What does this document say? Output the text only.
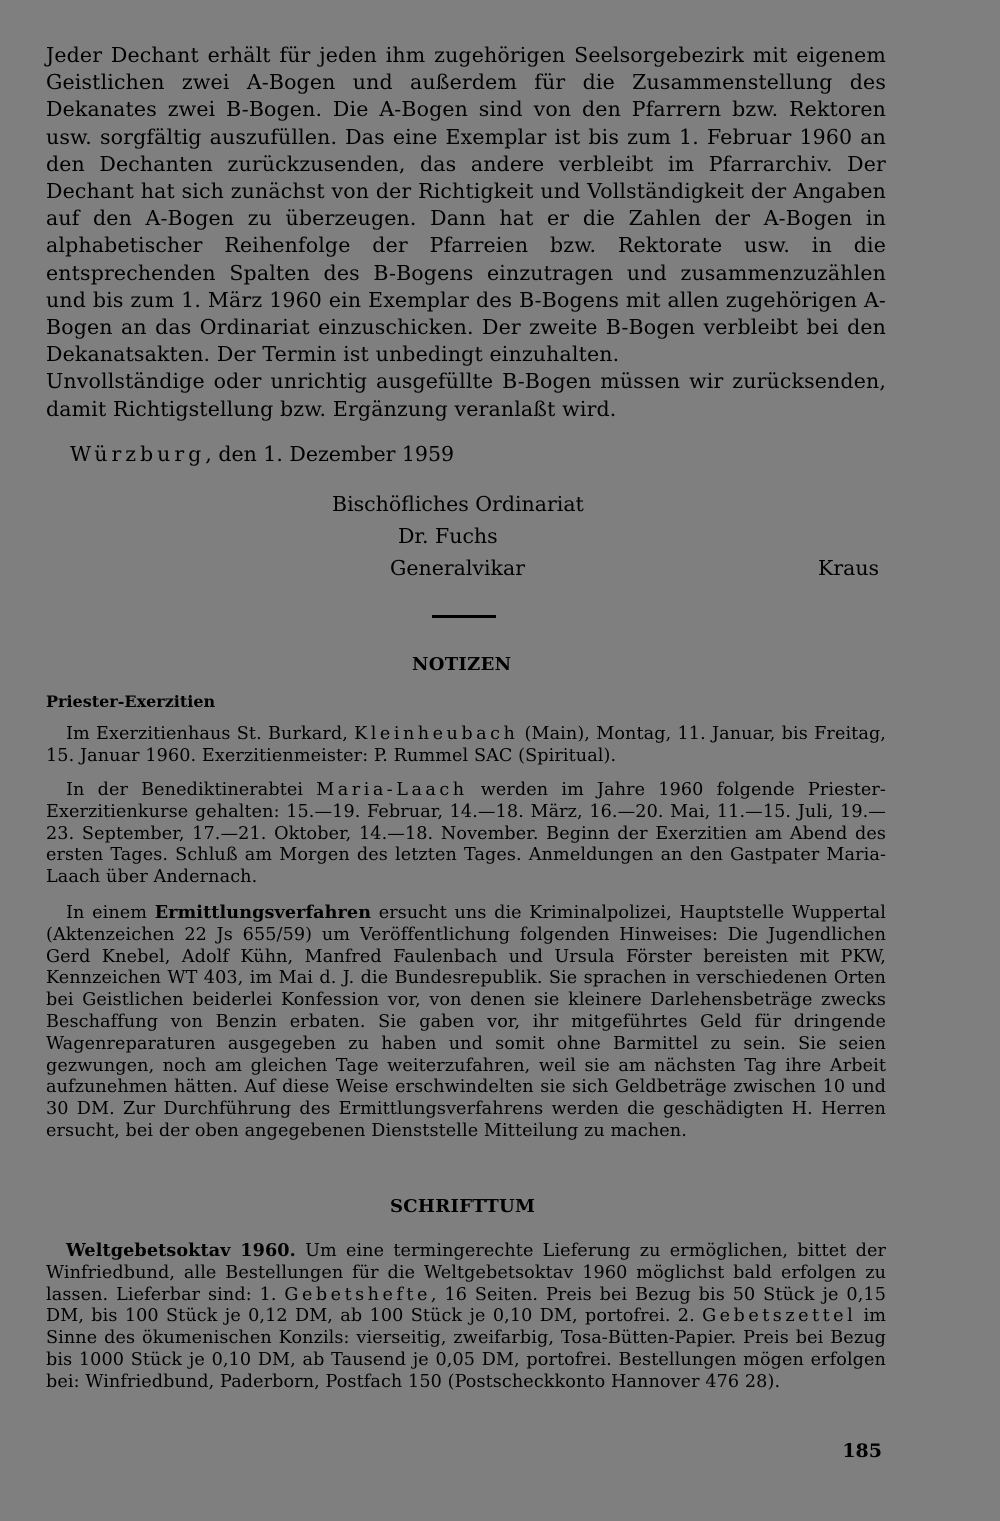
Jeder Dechant erhält für jeden ihm zugehörigen Seelsorgebezirk mit eigenem Geistlichen zwei A-Bogen und außerdem für die Zusammenstellung des Dekanates zwei B-Bogen. Die A-Bogen sind von den Pfarrern bzw. Rektoren usw. sorgfältig auszufüllen. Das eine Exemplar ist bis zum 1. Februar 1960 an den Dechanten zurückzusenden, das andere verbleibt im Pfarrarchiv. Der Dechant hat sich zunächst von der Richtigkeit und Vollständigkeit der Angaben auf den A-Bogen zu überzeugen. Dann hat er die Zahlen der A-Bogen in alphabetischer Reihenfolge der Pfarreien bzw. Rektorate usw. in die entsprechenden Spalten des B-Bogens einzutragen und zusammenzuzählen und bis zum 1. März 1960 ein Exemplar des B-Bogens mit allen zugehörigen A-Bogen an das Ordinariat einzuschicken. Der zweite B-Bogen verbleibt bei den Dekanatsakten. Der Termin ist unbedingt einzuhalten.

Unvollständige oder unrichtig ausgefüllte B-Bogen müssen wir zurücksenden, damit Richtigstellung bzw. Ergänzung veranlaßt wird.

Würzburg, den 1. Dezember 1959
Bischöfliches Ordinariat
Dr. Fuchs
Generalvikar	Kraus
NOTIZEN
Priester-Exerzitien

Im Exerzitienhaus St. Burkard, Kleinheubach (Main), Montag, 11. Januar, bis Freitag, 15. Januar 1960. Exerzitienmeister: P. Rummel SAC (Spiritual).

In der Benediktinerabtei Maria-Laach werden im Jahre 1960 folgende Priester-Exerzitienkurse gehalten: 15.—19. Februar, 14.—18. März, 16.—20. Mai, 11.—15. Juli, 19.—23. September, 17.—21. Oktober, 14.—18. November. Beginn der Exerzitien am Abend des ersten Tages. Schluß am Morgen des letzten Tages. Anmeldungen an den Gastpater Maria-Laach über Andernach.

In einem Ermittlungsverfahren ersucht uns die Kriminalpolizei, Hauptstelle Wuppertal (Aktenzeichen 22 Js 655/59) um Veröffentlichung folgenden Hinweises: Die Jugendlichen Gerd Knebel, Adolf Kühn, Manfred Faulenbach und Ursula Förster bereisten mit PKW, Kennzeichen WT 403, im Mai d. J. die Bundesrepublik. Sie sprachen in verschiedenen Orten bei Geistlichen beiderlei Konfession vor, von denen sie kleinere Darlehensbeträge zwecks Beschaffung von Benzin erbaten. Sie gaben vor, ihr mitgeführtes Geld für dringende Wagenreparaturen ausgegeben zu haben und somit ohne Barmittel zu sein. Sie seien gezwungen, noch am gleichen Tage weiterzufahren, weil sie am nächsten Tag ihre Arbeit aufzunehmen hätten. Auf diese Weise erschwindelten sie sich Geldbeträge zwischen 10 und 30 DM. Zur Durchführung des Ermittlungsverfahrens werden die geschädigten H. Herren ersucht, bei der oben angegebenen Dienststelle Mitteilung zu machen.

SCHRIFTTUM

Weltgebetsoktav 1960. Um eine termingerechte Lieferung zu ermöglichen, bittet der Winfriedbund, alle Bestellungen für die Weltgebetsoktav 1960 möglichst bald erfolgen zu lassen. Lieferbar sind: 1. Gebetshefte, 16 Seiten. Preis bei Bezug bis 50 Stück je 0,15 DM, bis 100 Stück je 0,12 DM, ab 100 Stück je 0,10 DM, portofrei. 2. Gebetszettel im Sinne des ökumenischen Konzils: vierseitig, zweifarbig, Tosa-Bütten-Papier. Preis bei Bezug bis 1000 Stück je 0,10 DM, ab Tausend je 0,05 DM, portofrei. Bestellungen mögen erfolgen bei: Winfriedbund, Paderborn, Postfach 150 (Postscheckkonto Hannover 476 28).

185
